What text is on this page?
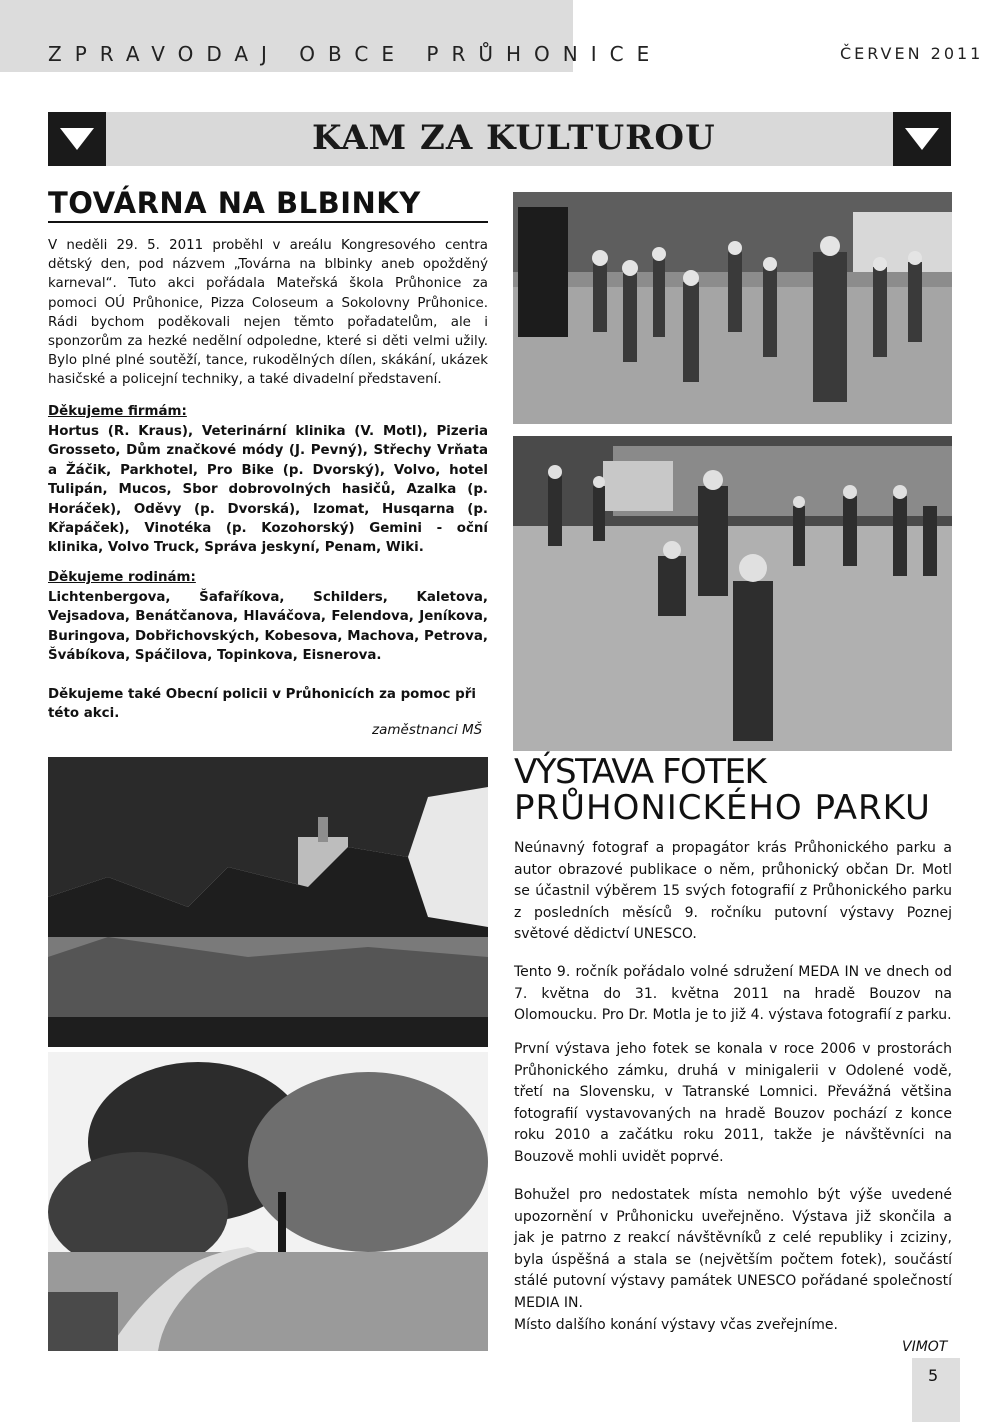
ZPRAVODAJ OBCE PRŮHONICE	ČERVEN 2011
KAM ZA KULTUROU
TOVÁRNA NA BLBINKY
V neděli 29. 5. 2011 proběhl v areálu Kongresového centra dětský den, pod názvem „Továrna na blbinky aneb opožděný karneval“. Tuto akci pořádala Mateřská škola Průhonice za pomoci OÚ Průhonice, Pizza Coloseum a Sokolovny Průhonice. Rádi bychom poděkovali nejen těmto pořadatelům, ale i sponzorům za hezké nedělní odpoledne, které si děti velmi užily. Bylo plné plné soutěží, tance, rukodělných dílen, skákání, ukázek hasičské a policejní techniky, a také divadelní představení.
Děkujeme firmám:
Hortus (R. Kraus), Veterinární klinika (V. Motl), Pizeria Grosseto, Dům značkové módy (J. Pevný), Střechy Vrňata a Žáčik, Parkhotel, Pro Bike (p. Dvorský), Volvo, hotel Tulipán, Mucos, Sbor dobrovolných hasičů, Azalka (p. Horáček), Oděvy (p. Dvorská), Izomat, Husqarna (p. Křapáček), Vinotéka (p. Kozohorský) Gemini - oční klinika, Volvo Truck, Správa jeskyní, Penam, Wiki.
Děkujeme rodinám:
Lichtenbergova, Šafaříkova, Schilders, Kaletova, Vejsadova, Benátčanova, Hlaváčova, Felendova, Jeníkova, Buringova, Dobřichovských, Kobesova, Machova, Petrova, Švábíkova, Spáčilova, Topinkova, Eisnerova.
Děkujeme také Obecní policii v Průhonicích za pomoc při této akci.
zaměstnanci MŠ
VÝSTAVA FOTEK
PRŮHONICKÉHO PARKU
Neúnavný fotograf a propagátor krás Průhonického parku a autor obrazové publikace o něm, průhonický občan Dr. Motl se účastnil výběrem 15 svých fotografií z Průhonického parku z posledních měsíců 9. ročníku putovní výstavy Poznej světové dědictví UNESCO.
Tento 9. ročník pořádalo volné sdružení MEDA IN ve dnech od 7. května do 31. května 2011 na hradě Bouzov na Olomoucku. Pro Dr. Motla je to již 4. výstava fotografií z parku.
První výstava jeho fotek se konala v roce 2006 v prostorách Průhonického zámku, druhá v minigalerii v Odolené vodě, třetí na Slovensku, v Tatranské Lomnici. Převážná většina fotografií vystavovaných na hradě Bouzov pochází z konce roku 2010 a začátku roku 2011, takže je návštěvníci na Bouzově mohli uvidět poprvé.
Bohužel pro nedostatek místa nemohlo být výše uvedené upozornění v Průhonicku uveřejněno. Výstava již skončila a jak je patrno z reakcí návštěvníků z celé republiky i zciziny, byla úspěšná a stala se (největším počtem fotek), součástí stálé putovní výstavy památek UNESCO pořádané společností MEDIA IN.
Místo dalšího konání výstavy včas zveřejníme.
VIMOT
5
